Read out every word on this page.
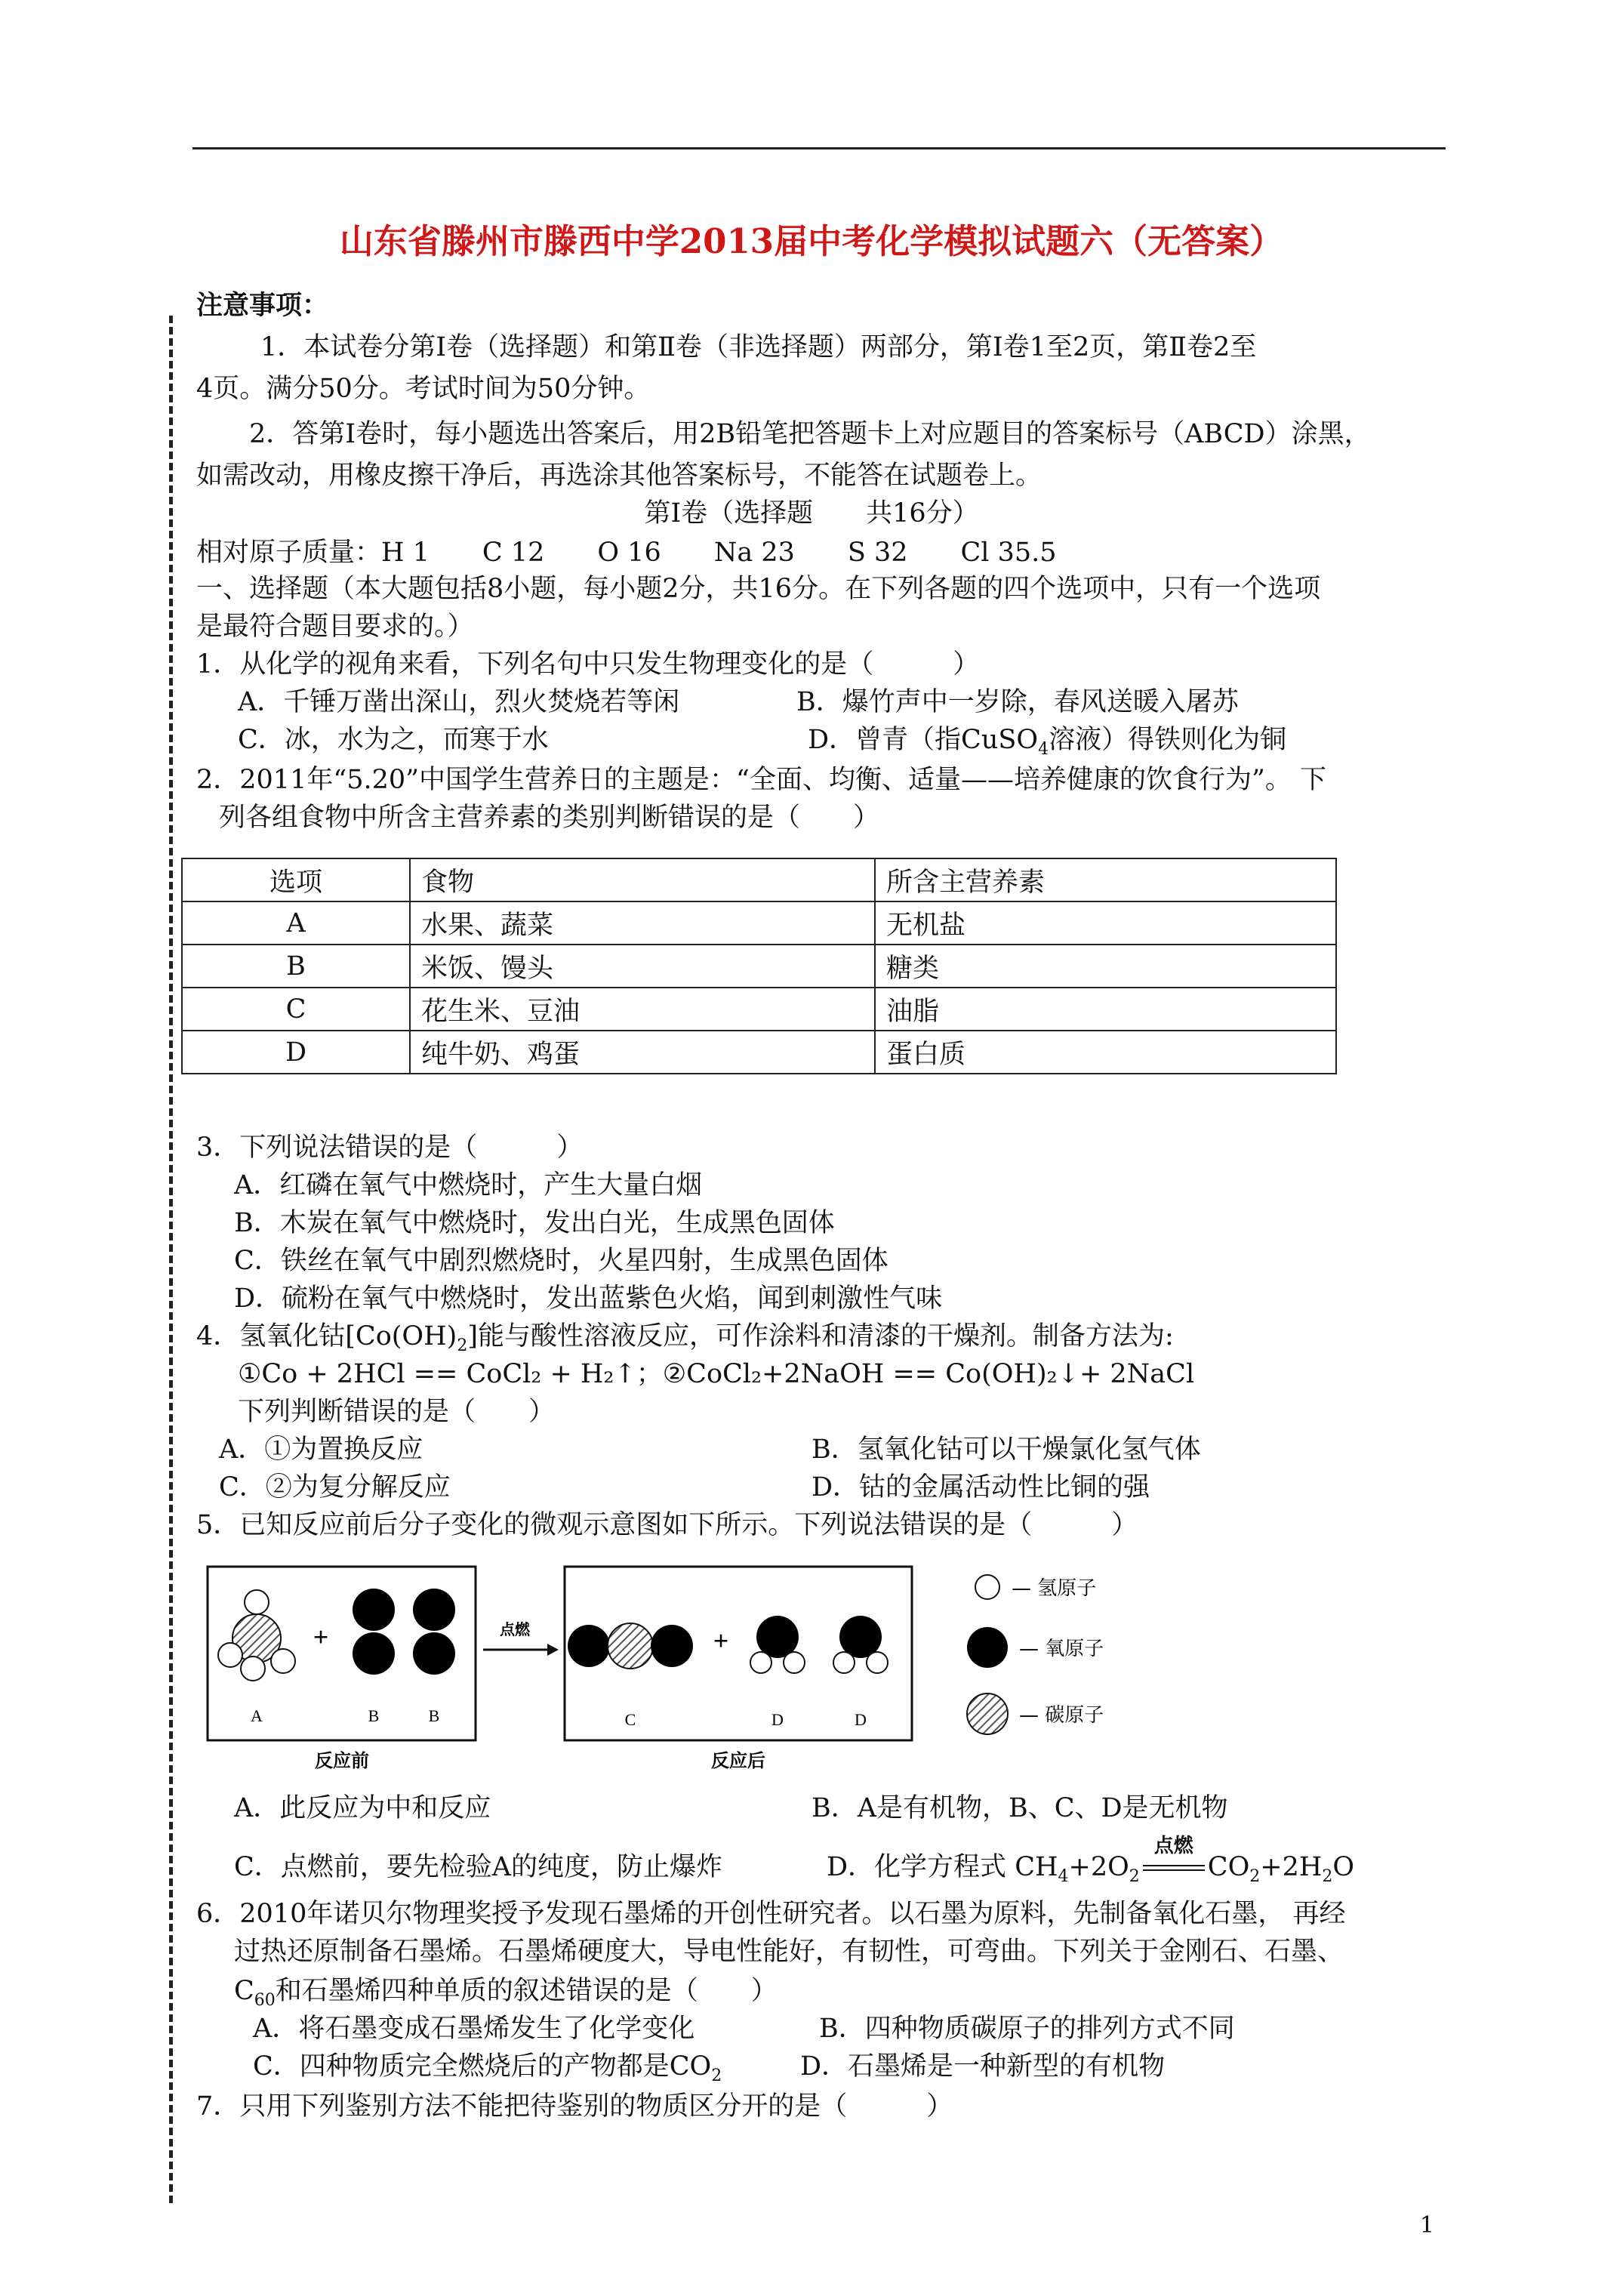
山东省滕州市滕西中学2013届中考化学模拟试题六（无答案）
注意事项：
1．本试卷分第Ⅰ卷（选择题）和第Ⅱ卷（非选择题）两部分，第Ⅰ卷1至2页，第Ⅱ卷2至
4页。满分50分。考试时间为50分钟。
2．答第Ⅰ卷时，每小题选出答案后，用2B铅笔把答题卡上对应题目的答案标号（ABCD）涂黑，
如需改动，用橡皮擦干净后，再选涂其他答案标号，不能答在试题卷上。
第Ⅰ卷（选择题　　共16分）
相对原子质量：H 1　　C 12　　O 16　　Na 23　　S 32　　Cl 35.5
一、选择题（本大题包括8小题，每小题2分，共16分。在下列各题的四个选项中，只有一个选项
是最符合题目要求的。）
1．从化学的视角来看，下列名句中只发生物理变化的是（　　　）
A．千锤万凿出深山，烈火焚烧若等闲	B．爆竹声中一岁除，春风送暖入屠苏
C．冰，水为之，而寒于水	D．曾青（指CuSO$_4$溶液）得铁则化为铜
2．2011年“5.20”中国学生营养日的主题是：“全面、均衡、适量——培养健康的饮食行为”。 下
列各组食物中所含主营养素的类别判断错误的是（　　）
选项	食物	所含主营养素
A	水果、蔬菜	无机盐
B	米饭、馒头	糖类
C	花生米、豆油	油脂
D	纯牛奶、鸡蛋	蛋白质
3．下列说法错误的是（　　　）
A．红磷在氧气中燃烧时，产生大量白烟
B．木炭在氧气中燃烧时，发出白光，生成黑色固体
C．铁丝在氧气中剧烈燃烧时，火星四射，生成黑色固体
D．硫粉在氧气中燃烧时，发出蓝紫色火焰，闻到刺激性气味
4．氢氧化钴$[Co(OH)_2]$能与酸性溶液反应，可作涂料和清漆的干燥剂。制备方法为:
①Co + 2HCl == CoCl₂ + H₂↑；②CoCl₂+2NaOH == Co(OH)₂↓+ 2NaCl
下列判断错误的是（　　）
A．①为置换反应	B．氢氧化钴可以干燥氯化氢气体
C．②为复分解反应	D．钴的金属活动性比铜的强
5．已知反应前后分子变化的微观示意图如下所示。下列说法错误的是（　　　）
A
+
B	B
反应前
点燃
C
+
D	D
反应后
— 氢原子
— 氧原子
— 碳原子
A．此反应为中和反应	B．A是有机物，B、C、D是无机物
C．点燃前，要先检验A的纯度，防止爆炸	D．化学方程式 $CH_4+2O_2$
点燃
$CO_2+2H_2O$
6．2010年诺贝尔物理奖授予发现石墨烯的开创性研究者。以石墨为原料，先制备氧化石墨， 再经
过热还原制备石墨烯。石墨烯硬度大，导电性能好，有韧性，可弯曲。下列关于金刚石、石墨、
$C_{60}$和石墨烯四种单质的叙述错误的是（　　）
A．将石墨变成石墨烯发生了化学变化	B．四种物质碳原子的排列方式不同
C．四种物质完全燃烧后的产物都是$CO_2$	D．石墨烯是一种新型的有机物
7．只用下列鉴别方法不能把待鉴别的物质区分开的是（　　　）
1
